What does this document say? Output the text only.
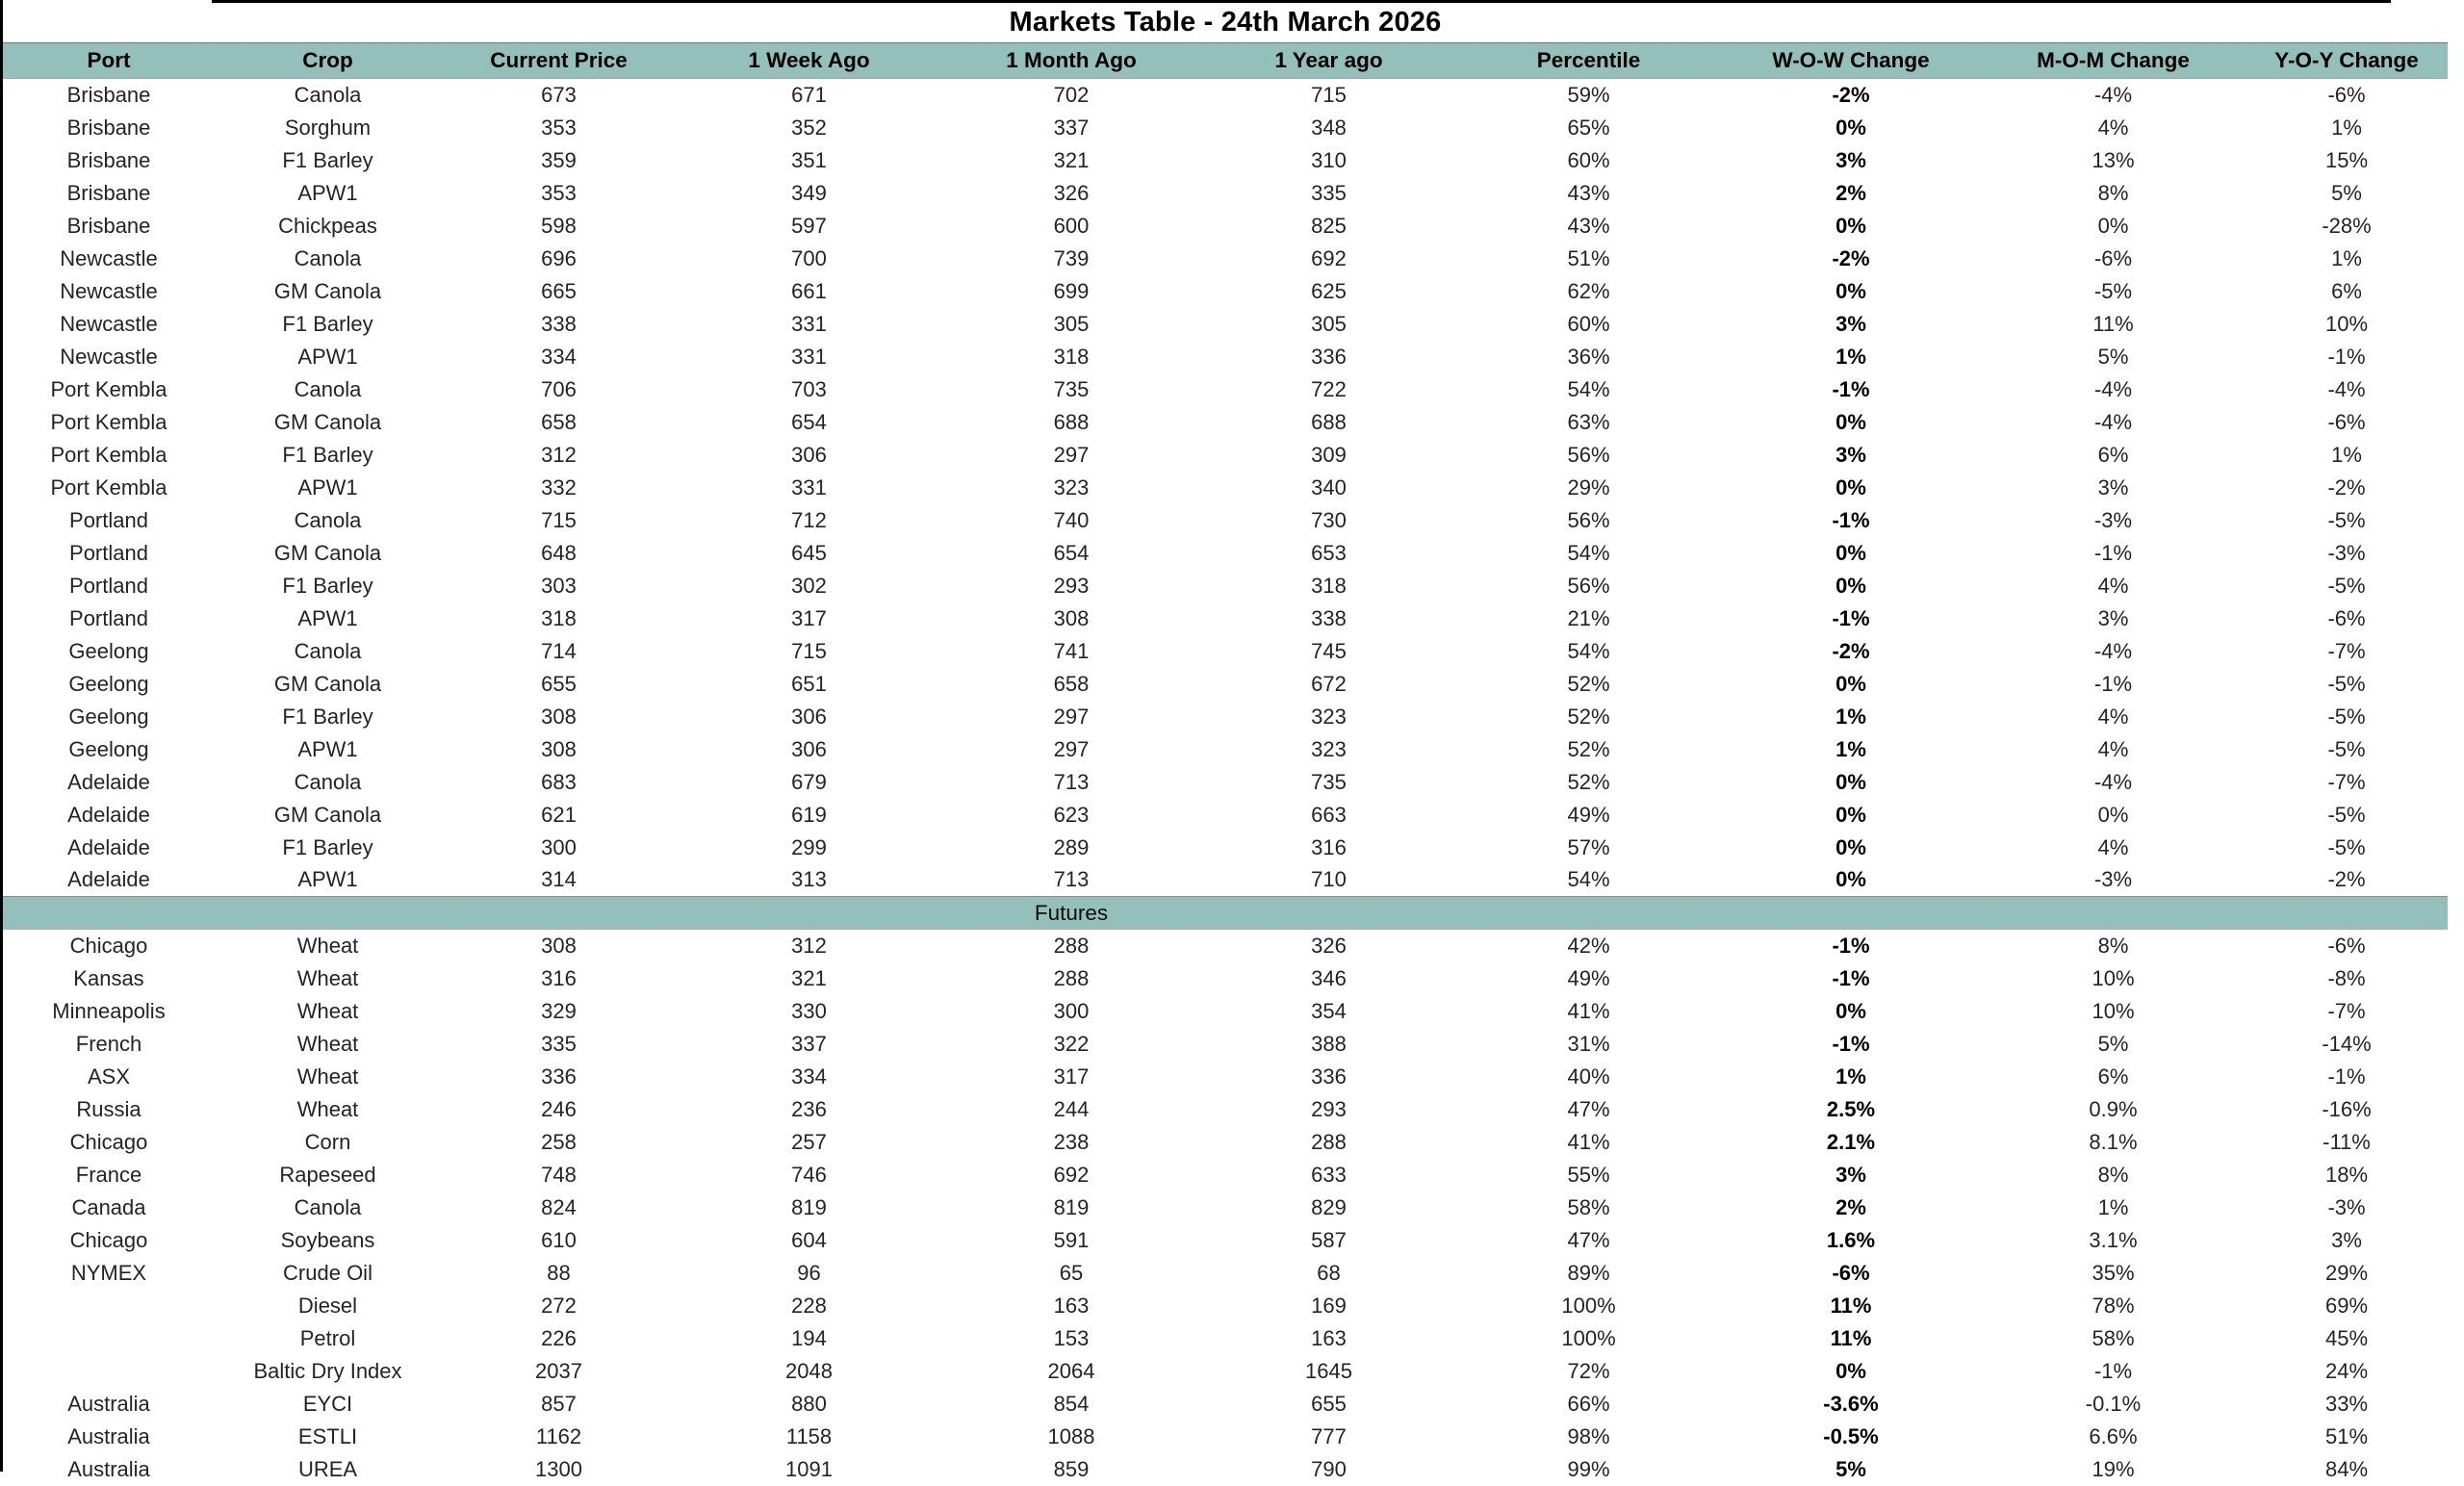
Markets Table - 24th March 2026
Port	Crop	Current Price	1 Week Ago	1 Month Ago	1 Year ago	Percentile	W-O-W Change	M-O-M Change	Y-O-Y Change
Brisbane	Canola	673	671	702	715	59%	-2%	-4%	-6%
Brisbane	Sorghum	353	352	337	348	65%	0%	4%	1%
Brisbane	F1 Barley	359	351	321	310	60%	3%	13%	15%
Brisbane	APW1	353	349	326	335	43%	2%	8%	5%
Brisbane	Chickpeas	598	597	600	825	43%	0%	0%	-28%
Newcastle	Canola	696	700	739	692	51%	-2%	-6%	1%
Newcastle	GM Canola	665	661	699	625	62%	0%	-5%	6%
Newcastle	F1 Barley	338	331	305	305	60%	3%	11%	10%
Newcastle	APW1	334	331	318	336	36%	1%	5%	-1%
Port Kembla	Canola	706	703	735	722	54%	-1%	-4%	-4%
Port Kembla	GM Canola	658	654	688	688	63%	0%	-4%	-6%
Port Kembla	F1 Barley	312	306	297	309	56%	3%	6%	1%
Port Kembla	APW1	332	331	323	340	29%	0%	3%	-2%
Portland	Canola	715	712	740	730	56%	-1%	-3%	-5%
Portland	GM Canola	648	645	654	653	54%	0%	-1%	-3%
Portland	F1 Barley	303	302	293	318	56%	0%	4%	-5%
Portland	APW1	318	317	308	338	21%	-1%	3%	-6%
Geelong	Canola	714	715	741	745	54%	-2%	-4%	-7%
Geelong	GM Canola	655	651	658	672	52%	0%	-1%	-5%
Geelong	F1 Barley	308	306	297	323	52%	1%	4%	-5%
Geelong	APW1	308	306	297	323	52%	1%	4%	-5%
Adelaide	Canola	683	679	713	735	52%	0%	-4%	-7%
Adelaide	GM Canola	621	619	623	663	49%	0%	0%	-5%
Adelaide	F1 Barley	300	299	289	316	57%	0%	4%	-5%
Adelaide	APW1	314	313	713	710	54%	0%	-3%	-2%
				Futures					
Chicago	Wheat	308	312	288	326	42%	-1%	8%	-6%
Kansas	Wheat	316	321	288	346	49%	-1%	10%	-8%
Minneapolis	Wheat	329	330	300	354	41%	0%	10%	-7%
French	Wheat	335	337	322	388	31%	-1%	5%	-14%
ASX	Wheat	336	334	317	336	40%	1%	6%	-1%
Russia	Wheat	246	236	244	293	47%	2.5%	0.9%	-16%
Chicago	Corn	258	257	238	288	41%	2.1%	8.1%	-11%
France	Rapeseed	748	746	692	633	55%	3%	8%	18%
Canada	Canola	824	819	819	829	58%	2%	1%	-3%
Chicago	Soybeans	610	604	591	587	47%	1.6%	3.1%	3%
NYMEX	Crude Oil	88	96	65	68	89%	-6%	35%	29%
	Diesel	272	228	163	169	100%	11%	78%	69%
	Petrol	226	194	153	163	100%	11%	58%	45%
	Baltic Dry Index	2037	2048	2064	1645	72%	0%	-1%	24%
Australia	EYCI	857	880	854	655	66%	-3.6%	-0.1%	33%
Australia	ESTLI	1162	1158	1088	777	98%	-0.5%	6.6%	51%
Australia	UREA	1300	1091	859	790	99%	5%	19%	84%
